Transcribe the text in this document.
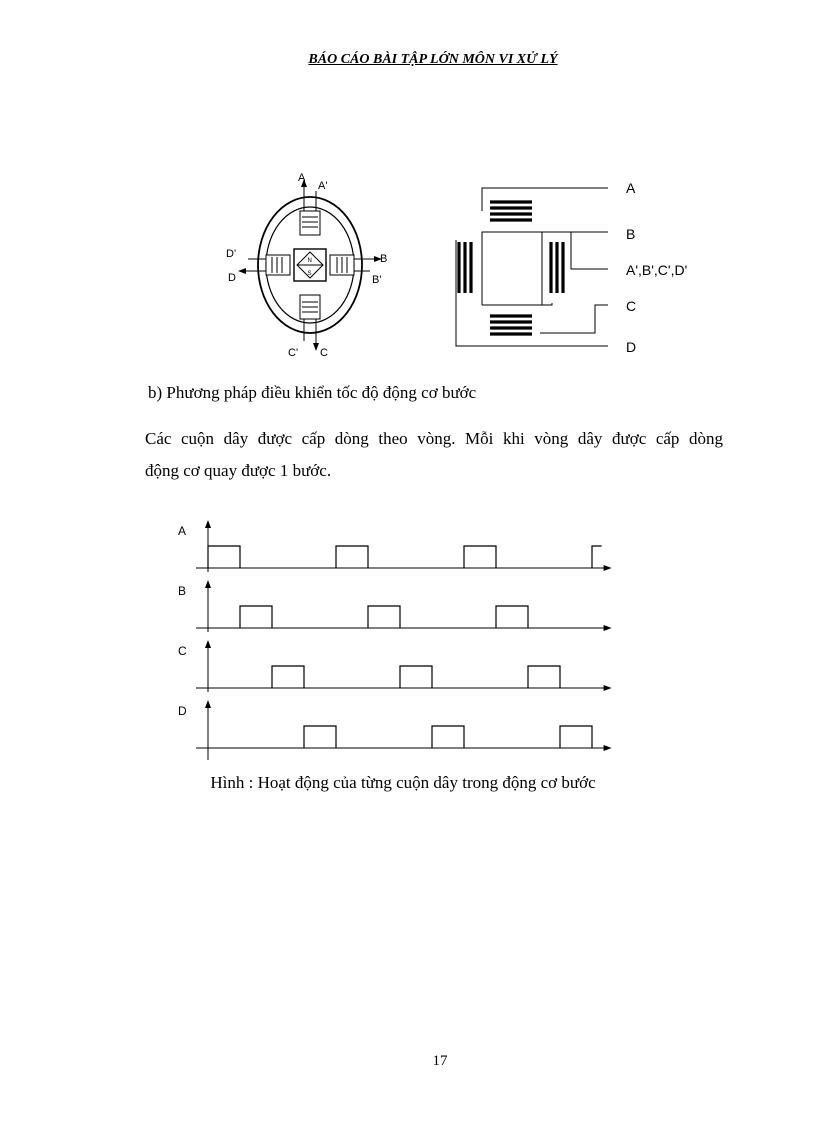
BÁO CÁO BÀI TẬP LỚN MÔN VI XỬ LÝ
N
S
A
A'
B
B'
C
C'
D
D'
A
B
A',B',C',D'
C
D
b) Phương pháp điều khiển tốc độ động cơ bước
Các cuộn dây được cấp dòng theo vòng. Mỗi khi vòng dây được cấp dòng
động cơ quay được 1 bước.
A
B
C
D
Hình : Hoạt động của từng cuộn dây trong động cơ bước
17
